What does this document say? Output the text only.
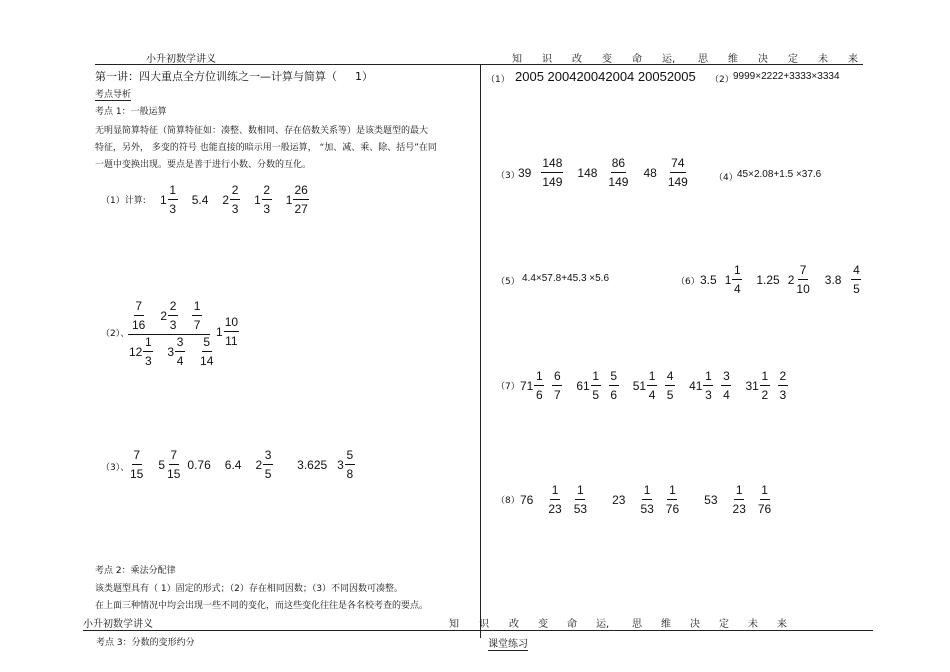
小升初数学讲义	知 识 改 变 命 运, 思 维 决 定 未 来
第一讲：四大重点全方位训练之一—计算与简算（ 1）
考点导析
考点 1：一般运算
无明显简算特征（简算特征如：凑整、数相同、存在倍数关系等）是该类题型的最大
特征，另外， 多变的符号 也能直接的暗示用一般运算， “加、减、乘、除、括号”在同
一题中变换出现。要点是善于进行小数、分数的互化。
（1）计算: $1 \frac{1}{3} 5.4$ $2 \frac{2}{3} 1 \frac{2}{3} 1 \frac{26}{27}$
（2）、
$\frac{7}{16} 2 \frac{2}{3} \frac{1}{7}$
$12 \frac{1}{3} 3 \frac{3}{4} \frac{5}{14}$
$1 \frac{10}{11}$
（3）、 $\frac{7}{15} 5 \frac{7}{15} 0.76$ 6.4 $2 \frac{3}{5} 3.625$ $3 \frac{5}{8}$
考点 2：乘法分配律
该类题型具有（ 1）固定的形式；（2）存在相同因数；（3）不同因数可凑整。
在上面三种情况中均会出现一些不同的变化，而这些变化往往是各名校考查的要点。
（1） 2005 200420042004 20052005 （2） 9999×2222+3333×3334
（3）
$39 \frac{148}{149} 148 \frac{86}{149} 48 \frac{74}{149}$	（4） 45×2.08+1.5 ×37.6
（5） 4.4×57.8+45.3 ×5.6	（6） 3.5 $1 \frac{1}{4} 1.25$ $2 \frac{7}{10} 3.8 \frac{4}{5}$
（7） $71 \frac{1}{6} \frac{6}{7} 61 \frac{1}{5} \frac{5}{6} 51 \frac{1}{4} \frac{4}{5} 41 \frac{1}{3} \frac{3}{4} 31 \frac{1}{2} \frac{2}{3}$
（8） $76 \frac{1}{23} \frac{1}{53} 23 \frac{1}{53} \frac{1}{76} 53 \frac{1}{23} \frac{1}{76}$
小升初数学讲义	知 识 改 变 命 运, 思 维 决 定 未 来
考点 3：分数的变形约分	课堂练习
